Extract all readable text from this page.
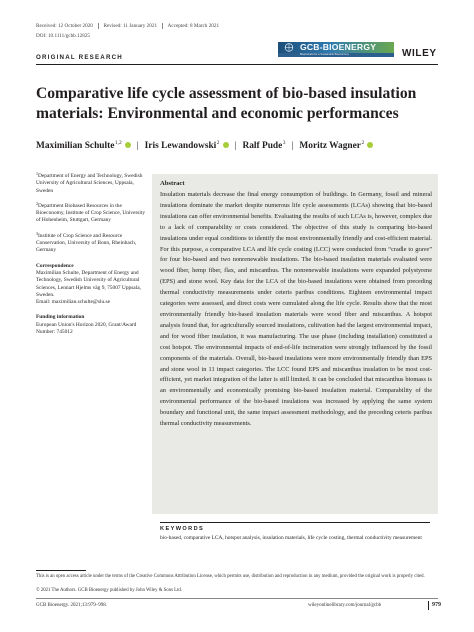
Received: 12 October 2020 Revised: 11 January 2021 Accepted: 8 March 2021
DOI: 10.1111/gcbb.12825
GCB-BIOENERGY
Bioproducts for a Sustainable Bioeconomy	WILEY
ORIGINAL RESEARCH
Comparative life cycle assessment of bio-based insulation materials: Environmental and economic performances
Maximilian Schulte$^{1,2}$	| Iris Lewandowski$^2$	| Ralf Pude$^3$ | Moritz Wagner$^2$
$^1$Department of Energy and Technology, Swedish University of Agricultural Sciences, Uppsala, Sweden
$^2$Department Biobased Resources in the Bioeconomy, Institute of Crop Science, University of Hohenheim, Stuttgart, Germany
$^3$Institute of Crop Science and Resource Conservation, University of Bonn, Rheinbach, Germany
Correspondence
Maximilian Schulte, Department of Energy and Technology, Swedish University of Agricultural Sciences, Lennart Hjelms väg 9, 75007 Uppsala, Sweden.
Email: maximilian.schulte@slu.se
Funding information
European Union's Horizon 2020, Grant/Award Number: 745012
Abstract

Insulation materials decrease the final energy consumption of buildings. In Germany, fossil and mineral insulations dominate the market despite numerous life cycle assessments (LCAs) showing that bio-based insulations can offer environmental benefits. Evaluating the results of such LCAs is, however, complex due to a lack of comparability or costs considered. The objective of this study is comparing bio-based insulations under equal conditions to identify the most environmentally friendly and cost-efficient material. For this purpose, a comparative LCA and life cycle costing (LCC) were conducted from “cradle to grave” for four bio-based and two nonrenewable insulations. The bio-based insulation materials evaluated were wood fiber, hemp fiber, flax, and miscanthus. The nonrenewable insulations were expanded polystyrene (EPS) and stone wool. Key data for the LCA of the bio-based insulations were obtained from preceding thermal conductivity measurements under ceteris paribus conditions. Eighteen environmental impact categories were assessed, and direct costs were cumulated along the life cycle. Results show that the most environmentally friendly bio-based insulation materials were wood fiber and miscanthus. A hotspot analysis found that, for agriculturally sourced insulations, cultivation had the largest environmental impact, and for wood fiber insulation, it was manufacturing. The use phase (including installation) constituted a cost hotspot. The environmental impacts of end-of-life incineration were strongly influenced by the fossil components of the materials. Overall, bio-based insulations were more environmentally friendly than EPS and stone wool in 11 impact categories. The LCC found EPS and miscanthus insulation to be most cost-efficient, yet market integration of the latter is still limited. It can be concluded that miscanthus biomass is an environmentally and economically promising bio-based insulation material. Comparability of the environmental performance of the bio-based insulations was increased by applying the same system boundary and functional unit, the same impact assessment methodology, and the preceding ceteris paribus thermal conductivity measurements.

KEYWORDS
bio-based, comparative LCA, hotspot analysis, insulation materials, life cycle costing, thermal conductivity measurement
This is an open access article under the terms of the Creative Commons Attribution License, which permits use, distribution and reproduction in any medium, provided the original work is properly cited.
© 2021 The Authors. GCB Bioenergy published by John Wiley & Sons Ltd.
GCB Bioenergy. 2021;13:979–998.	wileyonlinelibrary.com/journal/gcbb	979
